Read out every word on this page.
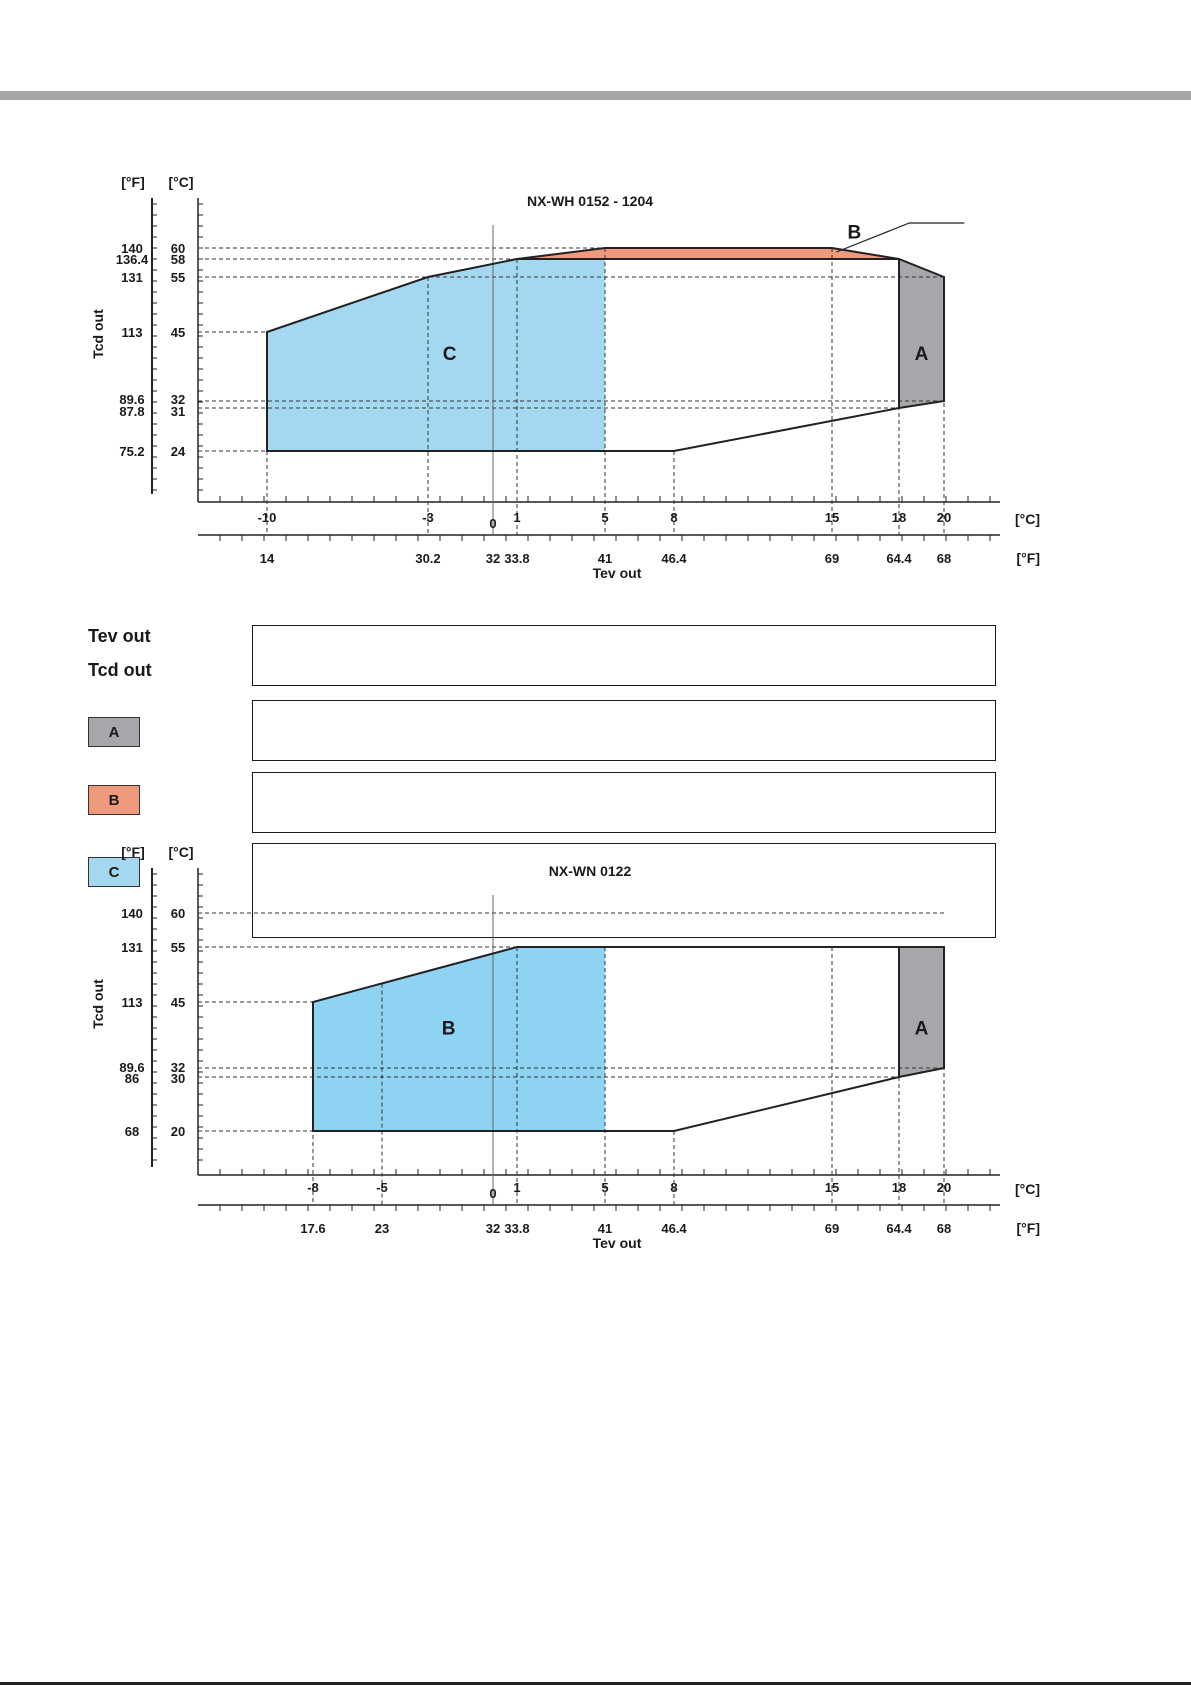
[°F] [°C]
NX-WH 0152 - 1204
140 60
136.4 58
131 55
113 45
89.6 32
87.8 31
75.2 24
-10
14
-3
30.2
0
32
1
33.8
5
41
8
46.4
15
69
18
64.4
20
68
[°C]
[°F]
Tev out
Tcd out	C	A
B
Tev out
Tcd out
A
B
C
[°F] [°C]
NX-WN 0122
140 60
131 55
113 45
89.6 32
86 30
68 20
-8
17.6
-5
23
0
32
1
33.8
5
41
8
46.4
15
69
18
64.4
20
68
[°C]
[°F]
Tev out
Tcd out
B	A
